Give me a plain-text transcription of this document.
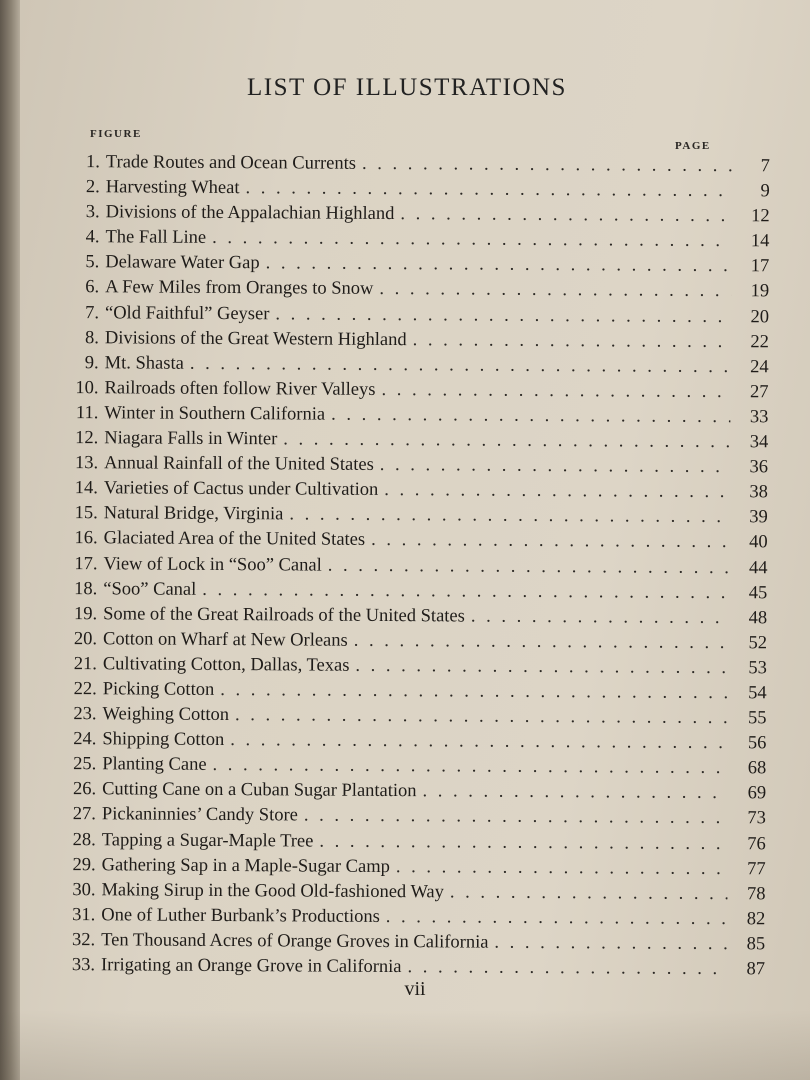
LIST OF ILLUSTRATIONS
FIGURE
PAGE
1. Trade Routes and Ocean Currents . . .	7
2. Harvesting Wheat . . .	9
3. Divisions of the Appalachian Highland . . .	12
4. The Fall Line . . .	14
5. Delaware Water Gap . . .	17
6. A Few Miles from Oranges to Snow . . .	19
7. “Old Faithful” Geyser . . .	20
8. Divisions of the Great Western Highland . . .	22
9. Mt. Shasta . . .	24
10. Railroads often follow River Valleys . . .	27
11. Winter in Southern California . . .	33
12. Niagara Falls in Winter . . .	34
13. Annual Rainfall of the United States . . .	36
14. Varieties of Cactus under Cultivation . . .	38
15. Natural Bridge, Virginia . . .	39
16. Glaciated Area of the United States . . .	40
17. View of Lock in “Soo” Canal . . .	44
18. “Soo” Canal . . .	45
19. Some of the Great Railroads of the United States . . .	48
20. Cotton on Wharf at New Orleans . . .	52
21. Cultivating Cotton, Dallas, Texas . . .	53
22. Picking Cotton . . .	54
23. Weighing Cotton . . .	55
24. Shipping Cotton . . .	56
25. Planting Cane . . .	68
26. Cutting Cane on a Cuban Sugar Plantation . . .	69
27. Pickaninnies’ Candy Store . . .	73
28. Tapping a Sugar-Maple Tree . . .	76
29. Gathering Sap in a Maple-Sugar Camp . . .	77
30. Making Sirup in the Good Old-fashioned Way . . .	78
31. One of Luther Burbank’s Productions . . .	82
32. Ten Thousand Acres of Orange Groves in California . . .	85
33. Irrigating an Orange Grove in California . . .	87
vii
